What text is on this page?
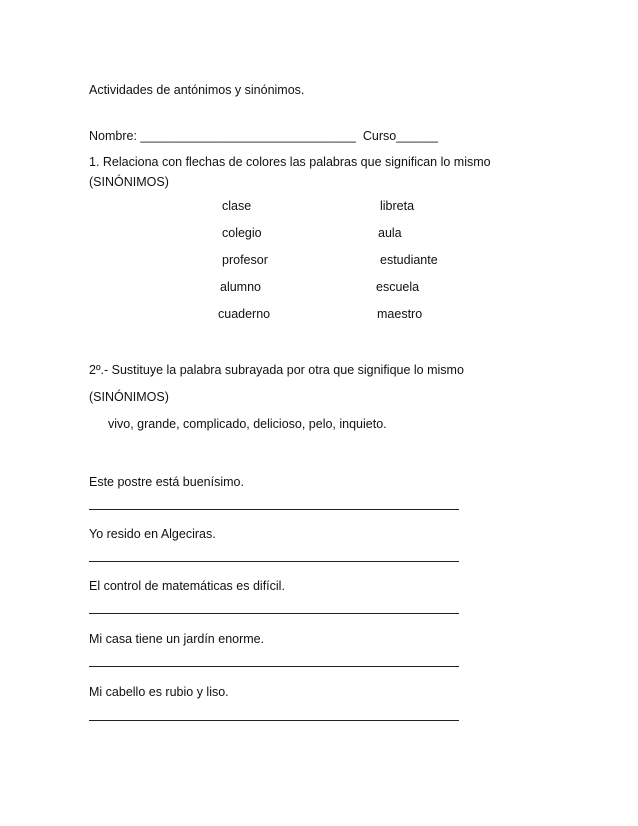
Actividades de antónimos y sinónimos.
Nombre: _______________________________  Curso______
1. Relaciona con flechas de colores las palabras que significan lo mismo
(SINÓNIMOS)
clase
colegio
profesor
alumno
cuaderno
libreta
aula
estudiante
escuela
maestro
2º.- Sustituye la palabra subrayada por otra que signifique lo mismo
(SINÓNIMOS)
vivo, grande, complicado, delicioso, pelo, inquieto.
Este postre está buenísimo.
Yo resido en Algeciras.
El control de matemáticas es difícil.
Mi casa tiene un jardín enorme.
Mi cabello es rubio y liso.
